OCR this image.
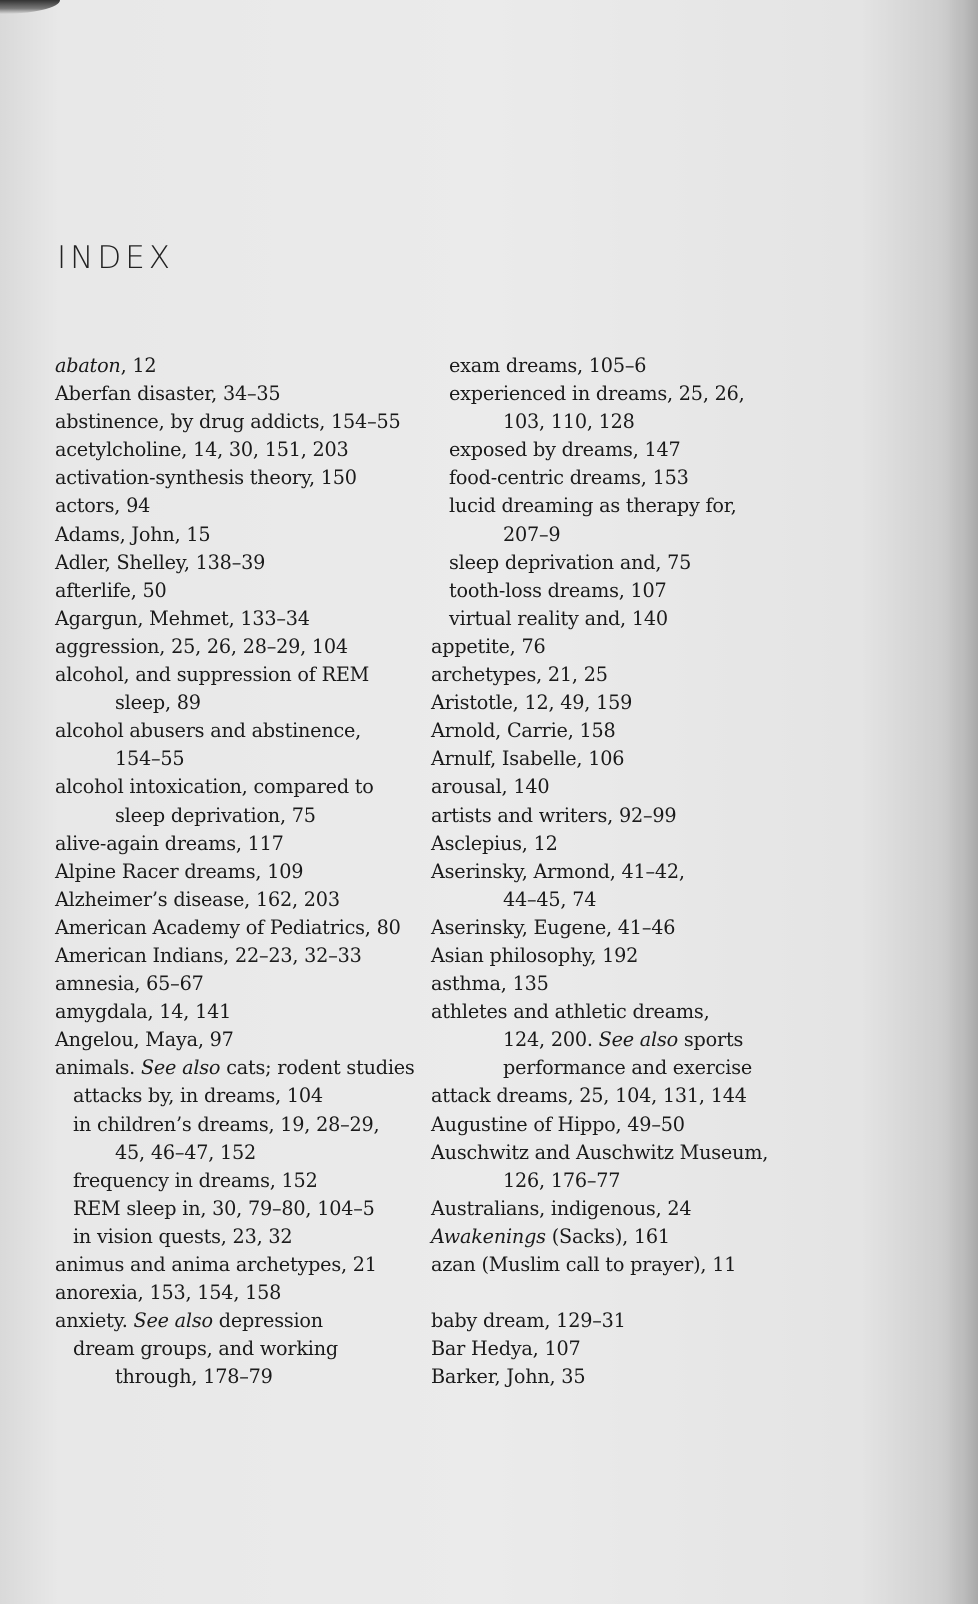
INDEX
abaton, 12
Aberfan disaster, 34–35
abstinence, by drug addicts, 154–55
acetylcholine, 14, 30, 151, 203
activation-synthesis theory, 150
actors, 94
Adams, John, 15
Adler, Shelley, 138–39
afterlife, 50
Agargun, Mehmet, 133–34
aggression, 25, 26, 28–29, 104
alcohol, and suppression of REM
sleep, 89
alcohol abusers and abstinence,
154–55
alcohol intoxication, compared to
sleep deprivation, 75
alive-again dreams, 117
Alpine Racer dreams, 109
Alzheimer’s disease, 162, 203
American Academy of Pediatrics, 80
American Indians, 22–23, 32–33
amnesia, 65–67
amygdala, 14, 141
Angelou, Maya, 97
animals. See also cats; rodent studies
attacks by, in dreams, 104
in children’s dreams, 19, 28–29,
45, 46–47, 152
frequency in dreams, 152
REM sleep in, 30, 79–80, 104–5
in vision quests, 23, 32
animus and anima archetypes, 21
anorexia, 153, 154, 158
anxiety. See also depression
dream groups, and working
through, 178–79
exam dreams, 105–6
experienced in dreams, 25, 26,
103, 110, 128
exposed by dreams, 147
food-centric dreams, 153
lucid dreaming as therapy for,
207–9
sleep deprivation and, 75
tooth-loss dreams, 107
virtual reality and, 140
appetite, 76
archetypes, 21, 25
Aristotle, 12, 49, 159
Arnold, Carrie, 158
Arnulf, Isabelle, 106
arousal, 140
artists and writers, 92–99
Asclepius, 12
Aserinsky, Armond, 41–42,
44–45, 74
Aserinsky, Eugene, 41–46
Asian philosophy, 192
asthma, 135
athletes and athletic dreams,
124, 200. See also sports
performance and exercise
attack dreams, 25, 104, 131, 144
Augustine of Hippo, 49–50
Auschwitz and Auschwitz Museum,
126, 176–77
Australians, indigenous, 24
Awakenings (Sacks), 161
azan (Muslim call to prayer), 11
baby dream, 129–31
Bar Hedya, 107
Barker, John, 35
